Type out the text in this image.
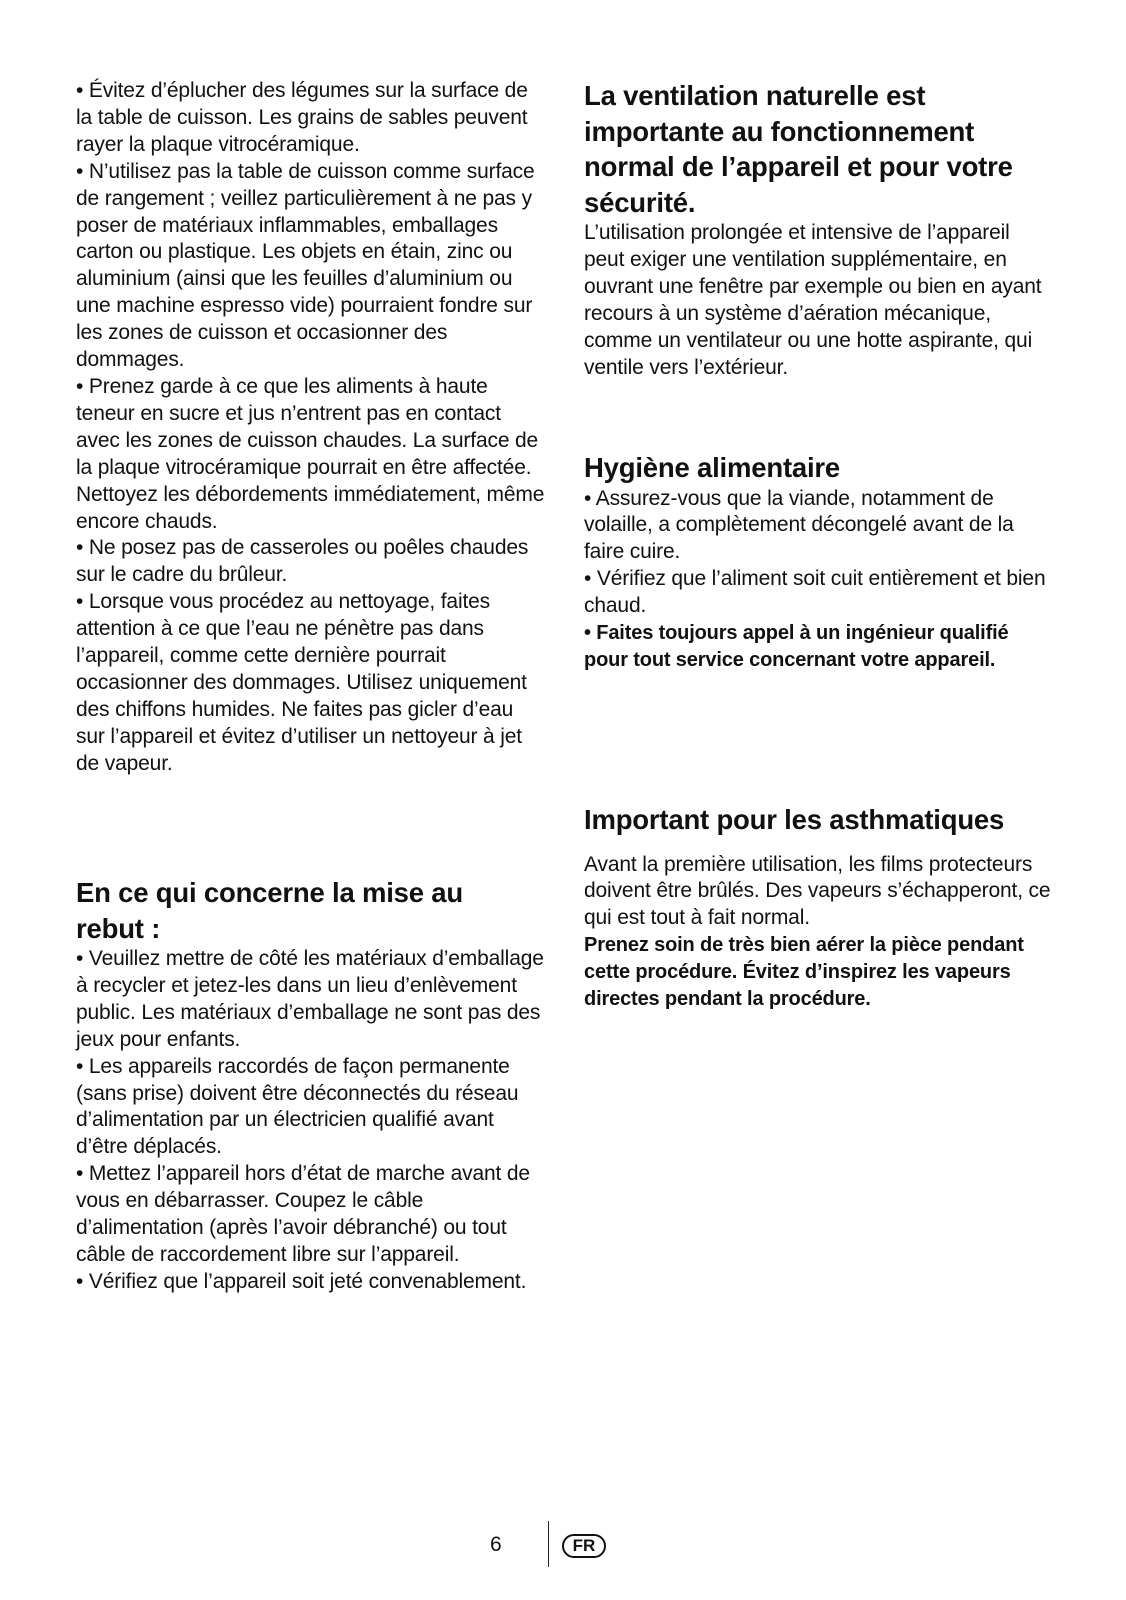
• Évitez d’éplucher des légumes sur la surface de la table de cuisson. Les grains de sables peuvent rayer la plaque vitrocéramique.

• N’utilisez pas la table de cuisson comme surface de rangement ; veillez particulièrement à ne pas y poser de matériaux inflammables, emballages carton ou plastique. Les objets en étain, zinc ou aluminium (ainsi que les feuilles d’aluminium ou une machine espresso vide) pourraient fondre sur les zones de cuisson et occasionner des dommages.

• Prenez garde à ce que les aliments à haute teneur en sucre et jus n’entrent pas en contact avec les zones de cuisson chaudes. La surface de la plaque vitrocéramique pourrait en être affectée. Nettoyez les débordements immédiatement, même encore chauds.

• Ne posez pas de casseroles ou poêles chaudes sur le cadre du brûleur.

• Lorsque vous procédez au nettoyage, faites attention à ce que l’eau ne pénètre pas dans l’appareil, comme cette dernière pourrait occasionner des dommages. Utilisez uniquement des chiffons humides. Ne faites pas gicler d’eau sur l’appareil et évitez d’utiliser un nettoyeur à jet de vapeur.

En ce qui concerne la mise au rebut :

• Veuillez mettre de côté les matériaux d’emballage à recycler et jetez-les dans un lieu d’enlèvement public. Les matériaux d’emballage ne sont pas des jeux pour enfants.

• Les appareils raccordés de façon permanente (sans prise) doivent être déconnectés du réseau d’alimentation par un électricien qualifié avant d’être déplacés.

• Mettez l’appareil hors d’état de marche avant de vous en débarrasser. Coupez le câble d’alimentation (après l’avoir débranché) ou tout câble de raccordement libre sur l’appareil.

• Vérifiez que l’appareil soit jeté convenablement.

La ventilation naturelle est importante au fonctionnement normal de l’appareil et pour votre sécurité.

L’utilisation prolongée et intensive de l’appareil peut exiger une ventilation supplémentaire, en ouvrant une fenêtre par exemple ou bien en ayant recours à un système d’aération mécanique, comme un ventilateur ou une hotte aspirante, qui ventile vers l’extérieur.

Hygiène alimentaire

• Assurez-vous que la viande, notamment de volaille, a complètement décongelé avant de la faire cuire.

• Vérifiez que l’aliment soit cuit entièrement et bien chaud.

• Faites toujours appel à un ingénieur qualifié pour tout service concernant votre appareil.

Important pour les asthmatiques

Avant la première utilisation, les films protecteurs doivent être brûlés. Des vapeurs s’échapperont, ce qui est tout à fait normal.

Prenez soin de très bien aérer la pièce pendant cette procédure. Évitez d’inspirez les vapeurs directes pendant la procédure.

6	FR
